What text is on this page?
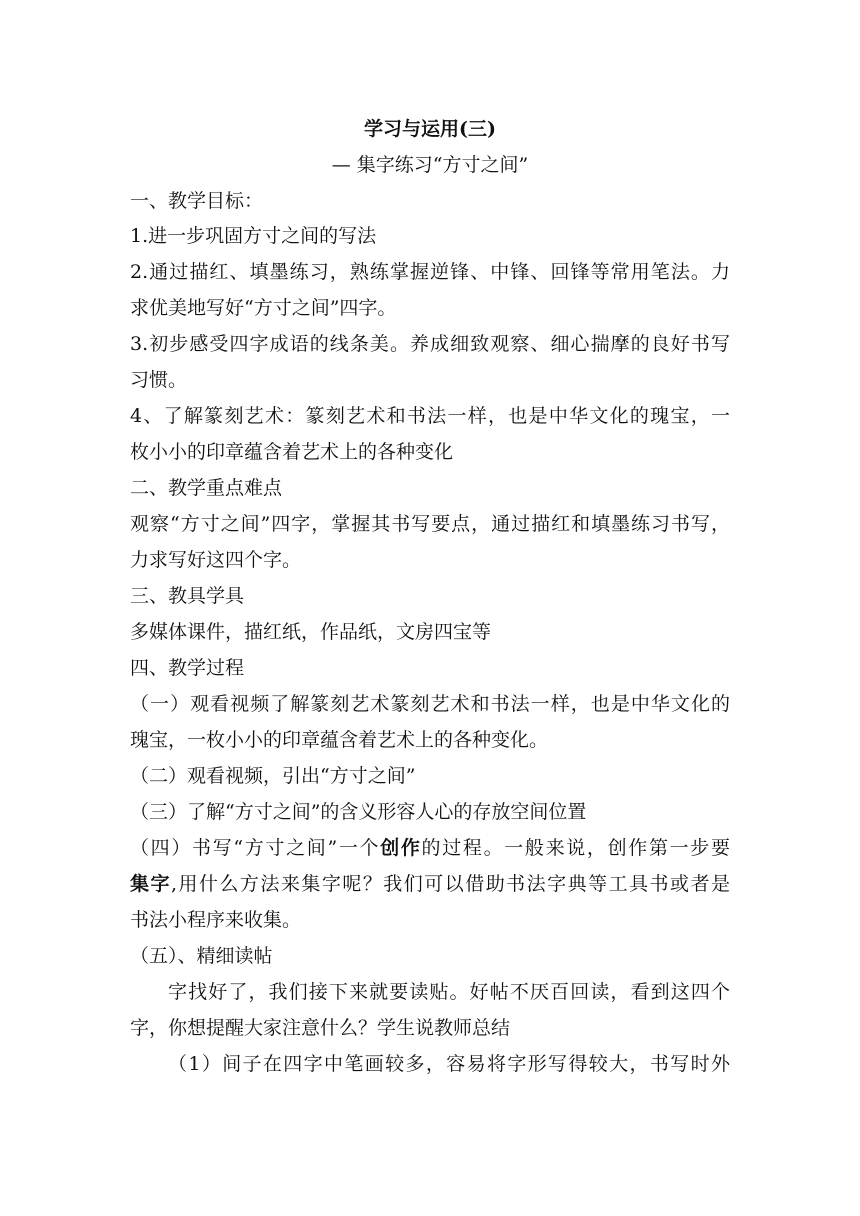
学习与运用(三)
— 集字练习“方寸之间”
一、教学目标：
1.进一步巩固方寸之间的写法
2.通过描红、填墨练习，熟练掌握逆锋、中锋、回锋等常用笔法。力
求优美地写好“方寸之间”四字。
3.初步感受四字成语的线条美。养成细致观察、细心揣摩的良好书写
习惯。
4、了解篆刻艺术：篆刻艺术和书法一样，也是中华文化的瑰宝，一
枚小小的印章蕴含着艺术上的各种变化
二、教学重点难点
观察“方寸之间”四字，掌握其书写要点，通过描红和填墨练习书写，
力求写好这四个字。
三、教具学具
多媒体课件，描红纸，作品纸，文房四宝等
四、教学过程
（一）观看视频了解篆刻艺术篆刻艺术和书法一样，也是中华文化的
瑰宝，一枚小小的印章蕴含着艺术上的各种变化。
（二）观看视频，引出“方寸之间”
（三）了解“方寸之间”的含义形容人心的存放空间位置
（四）书写“方寸之间”一个创作的过程。一般来说，创作第一步要
集字,用什么方法来集字呢？我们可以借助书法字典等工具书或者是
书法小程序来收集。
（五）、精细读帖
字找好了，我们接下来就要读贴。好帖不厌百回读，看到这四个
字，你想提醒大家注意什么？学生说教师总结
（1）间子在四字中笔画较多，容易将字形写得较大，书写时外
